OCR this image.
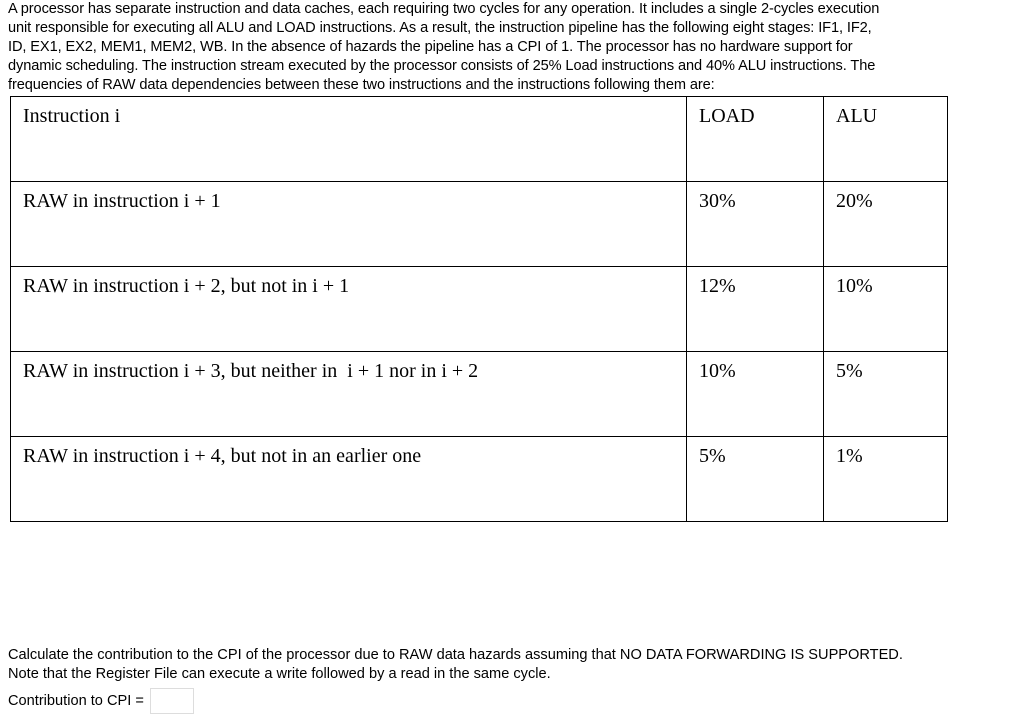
A processor has separate instruction and data caches, each requiring two cycles for any operation. It includes a single 2-cycles execution
unit responsible for executing all ALU and LOAD instructions. As a result, the instruction pipeline has the following eight stages: IF1, IF2,
ID, EX1, EX2, MEM1, MEM2, WB. In the absence of hazards the pipeline has a CPI of 1. The processor has no hardware support for
dynamic scheduling. The instruction stream executed by the processor consists of 25% Load instructions and 40% ALU instructions. The
frequencies of RAW data dependencies between these two instructions and the instructions following them are:
Instruction i	LOAD	ALU
RAW in instruction i + 1	30%	20%
RAW in instruction i + 2, but not in i + 1	12%	10%
RAW in instruction i + 3, but neither in  i + 1 nor in i + 2	10%	5%
RAW in instruction i + 4, but not in an earlier one	5%	1%
Calculate the contribution to the CPI of the processor due to RAW data hazards assuming that NO DATA FORWARDING IS SUPPORTED.
Note that the Register File can execute a write followed by a read in the same cycle.
Contribution to CPI =
